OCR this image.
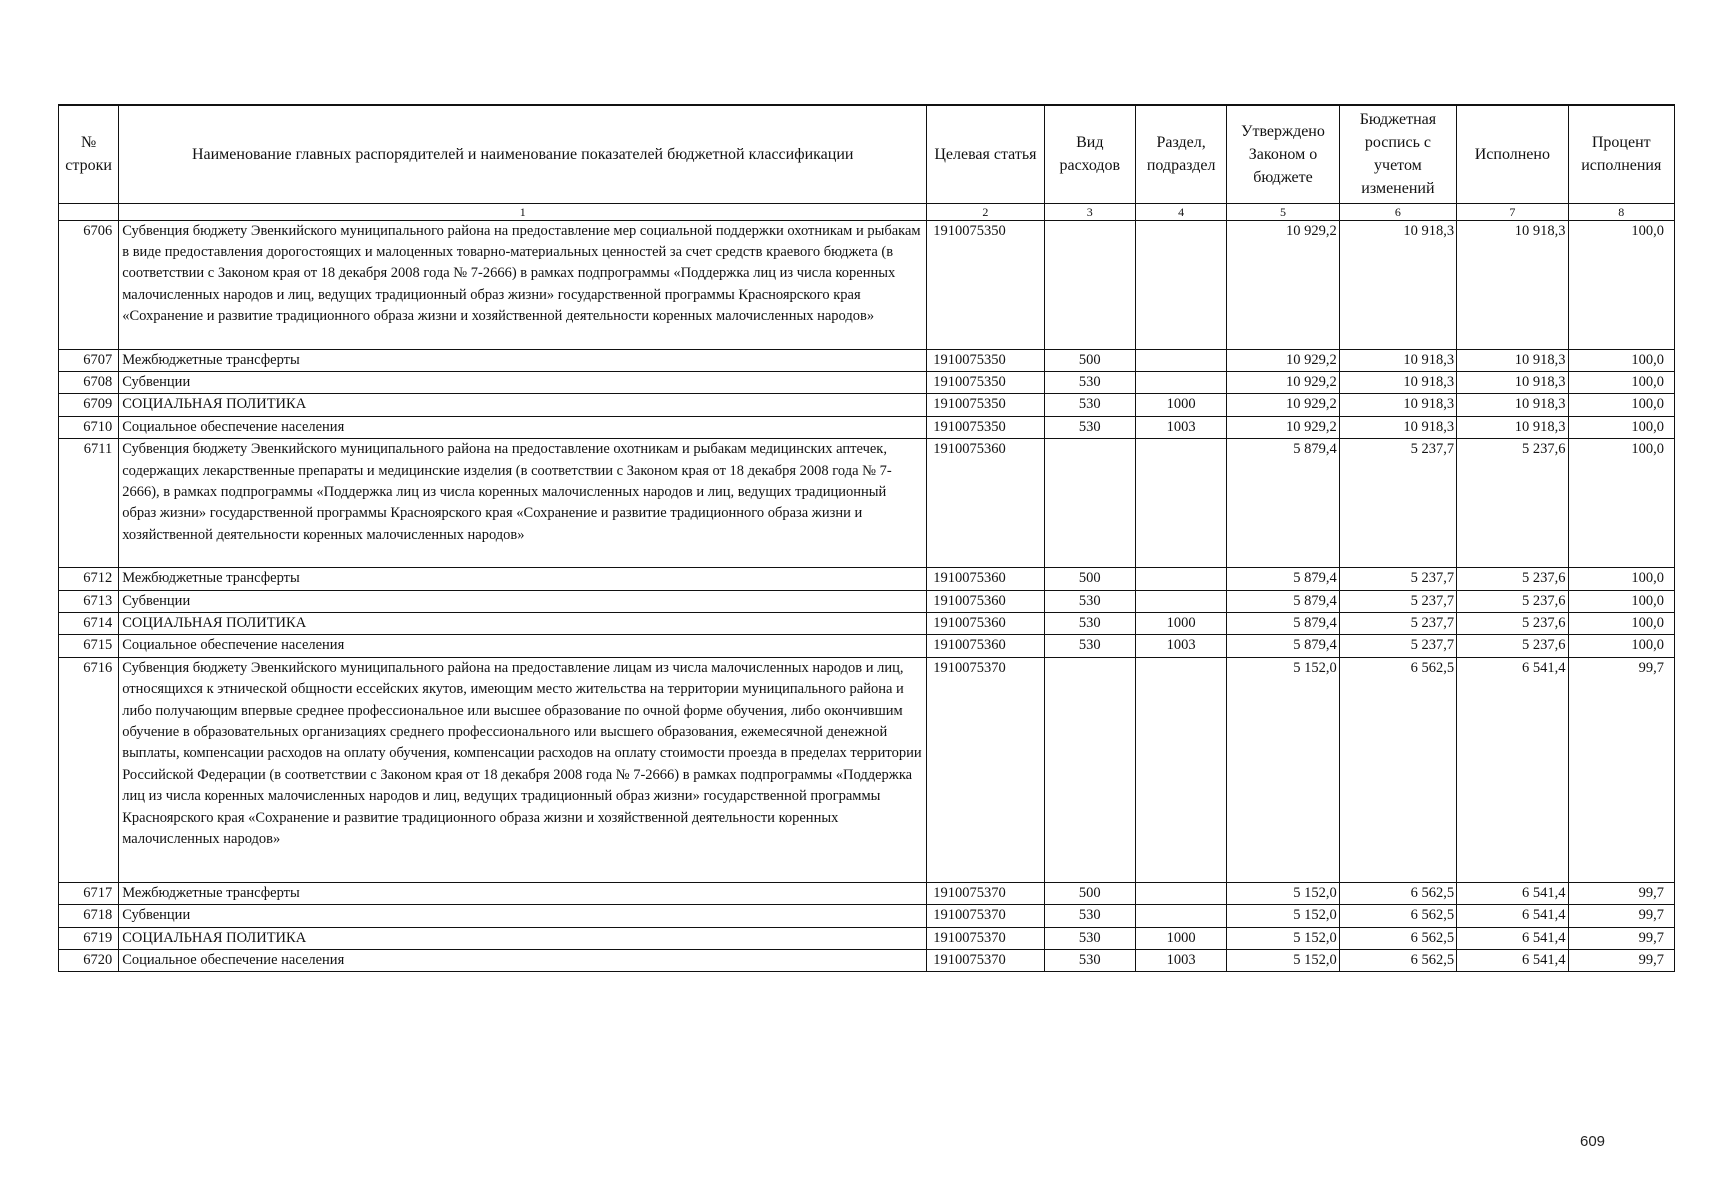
№ строки	Наименование главных распорядителей и наименование показателей бюджетной классификации	Целевая статья	Вид расходов	Раздел, подраздел	Утверждено Законом о бюджете	Бюджетная роспись с учетом изменений	Исполнено	Процент исполнения
	1	2	3	4	5	6	7	8
6706	Субвенция бюджету Эвенкийского муниципального района на предоставление мер социальной поддержки охотникам и рыбакам в виде предоставления дорогостоящих и малоценных товарно-материальных ценностей за счет средств краевого бюджета (в соответствии с Законом края от 18 декабря 2008 года № 7-2666) в рамках подпрограммы «Поддержка лиц из числа коренных малочисленных народов и лиц, ведущих традиционный образ жизни» государственной программы Красноярского края «Сохранение и развитие традиционного образа жизни и хозяйственной деятельности коренных малочисленных народов»	1910075350			10 929,2	10 918,3	10 918,3	100,0
6707	Межбюджетные трансферты	1910075350	500		10 929,2	10 918,3	10 918,3	100,0
6708	Субвенции	1910075350	530		10 929,2	10 918,3	10 918,3	100,0
6709	СОЦИАЛЬНАЯ ПОЛИТИКА	1910075350	530	1000	10 929,2	10 918,3	10 918,3	100,0
6710	Социальное обеспечение населения	1910075350	530	1003	10 929,2	10 918,3	10 918,3	100,0
6711	Субвенция бюджету Эвенкийского муниципального района на предоставление охотникам и рыбакам медицинских аптечек, содержащих лекарственные препараты и медицинские изделия (в соответствии с Законом края от 18 декабря 2008 года № 7-2666), в рамках подпрограммы «Поддержка лиц из числа коренных малочисленных народов и лиц, ведущих традиционный образ жизни» государственной программы Красноярского края «Сохранение и развитие традиционного образа жизни и хозяйственной деятельности коренных малочисленных народов»	1910075360			5 879,4	5 237,7	5 237,6	100,0
6712	Межбюджетные трансферты	1910075360	500		5 879,4	5 237,7	5 237,6	100,0
6713	Субвенции	1910075360	530		5 879,4	5 237,7	5 237,6	100,0
6714	СОЦИАЛЬНАЯ ПОЛИТИКА	1910075360	530	1000	5 879,4	5 237,7	5 237,6	100,0
6715	Социальное обеспечение населения	1910075360	530	1003	5 879,4	5 237,7	5 237,6	100,0
6716	Субвенция бюджету Эвенкийского муниципального района на предоставление лицам из числа малочисленных народов и лиц, относящихся к этнической общности ессейских якутов, имеющим место жительства на территории муниципального района и либо получающим впервые среднее профессиональное или высшее образование по очной форме обучения, либо окончившим обучение в образовательных организациях среднего профессионального или высшего образования, ежемесячной денежной выплаты, компенсации расходов на оплату обучения, компенсации расходов на оплату стоимости проезда в пределах территории Российской Федерации (в соответствии с Законом края от 18 декабря 2008 года № 7-2666) в рамках подпрограммы «Поддержка лиц из числа коренных малочисленных народов и лиц, ведущих традиционный образ жизни» государственной программы Красноярского края «Сохранение и развитие традиционного образа жизни и хозяйственной деятельности коренных малочисленных народов»	1910075370			5 152,0	6 562,5	6 541,4	99,7
6717	Межбюджетные трансферты	1910075370	500		5 152,0	6 562,5	6 541,4	99,7
6718	Субвенции	1910075370	530		5 152,0	6 562,5	6 541,4	99,7
6719	СОЦИАЛЬНАЯ ПОЛИТИКА	1910075370	530	1000	5 152,0	6 562,5	6 541,4	99,7
6720	Социальное обеспечение населения	1910075370	530	1003	5 152,0	6 562,5	6 541,4	99,7
609
